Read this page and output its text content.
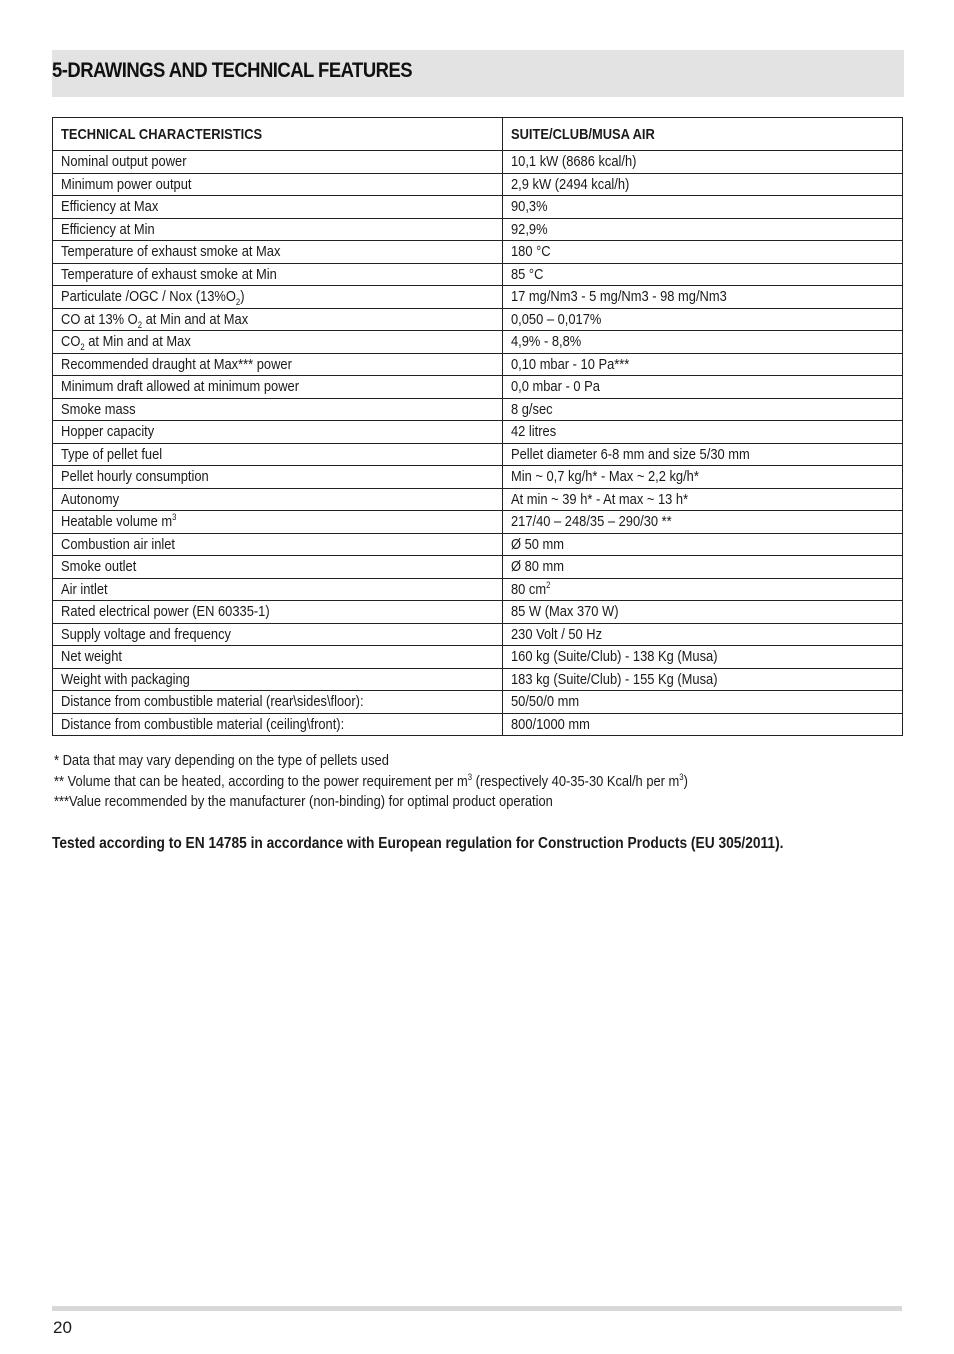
5-DRAWINGS AND TECHNICAL FEATURES
TECHNICAL CHARACTERISTICS	SUITE/CLUB/MUSA AIR
Nominal output power	10,1 kW (8686 kcal/h)
Minimum power output	2,9 kW (2494 kcal/h)
Efficiency at Max	90,3%
Efficiency at Min	92,9%
Temperature of exhaust smoke at Max	180 °C
Temperature of exhaust smoke at Min	85 °C
Particulate /OGC / Nox $(13\%O_2)$	17 mg/Nm3 - 5 mg/Nm3 - 98 mg/Nm3
CO at 13% $O_2$ at Min and at Max	0,050 – 0,017%
$CO_2$ at Min and at Max	4,9% - 8,8%
Recommended draught at Max*** power	0,10 mbar - 10 Pa***
Minimum draft allowed at minimum power	0,0 mbar - 0 Pa
Smoke mass	8 g/sec
Hopper capacity	42 litres
Type of pellet fuel	Pellet diameter 6-8 mm and size 5/30 mm
Pellet hourly consumption	Min ~ 0,7 kg/h* - Max ~ 2,2 kg/h*
Autonomy	At min ~ 39 h* - At max ~ 13 h*
Heatable volume $m^3$	217/40 – 248/35 – 290/30 **
Combustion air inlet	Ø 50 mm
Smoke outlet	Ø 80 mm
Air intlet	80 $cm^2$
Rated electrical power (EN 60335-1)	85 W (Max 370 W)
Supply voltage and frequency	230 Volt / 50 Hz
Net weight	160 kg (Suite/Club) - 138 Kg (Musa)
Weight with packaging	183 kg (Suite/Club) - 155 Kg (Musa)
Distance from combustible material (rear\sides\floor):	50/50/0 mm
Distance from combustible material (ceiling\front):	800/1000 mm

* Data that may vary depending on the type of pellets used

** Volume that can be heated, according to the power requirement per $m^3$ (respectively 40-35-30 Kcal/h per $m^3$)

***Value recommended by the manufacturer (non-binding) for optimal product operation

Tested according to EN 14785 in accordance with European regulation for Construction Products (EU 305/2011).

20
